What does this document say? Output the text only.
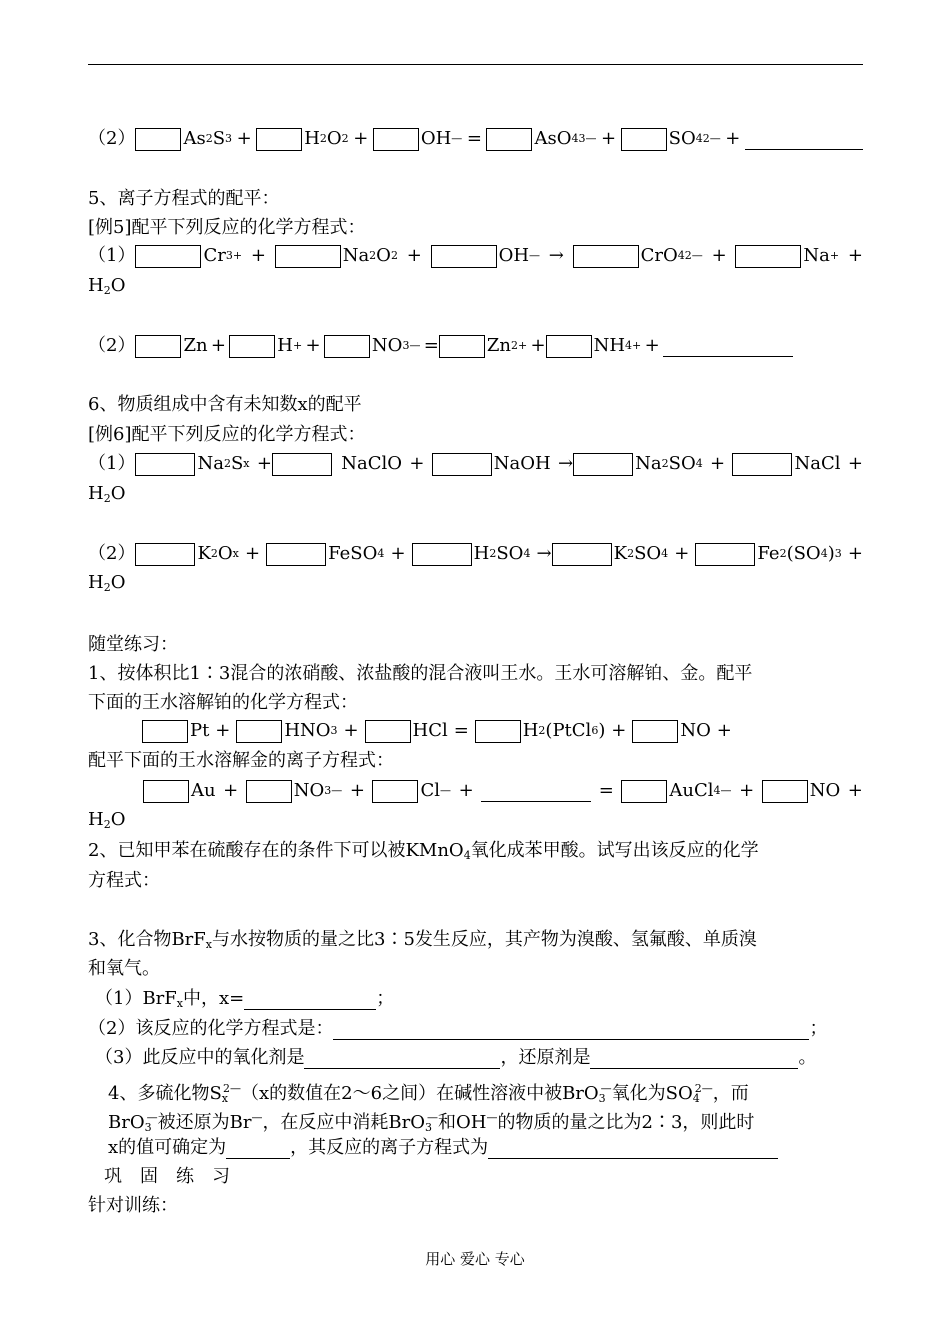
（2）	As 2 S 3 +	H 2 O 2 +	OH — =	AsO 4 3— +	SO 4 2— +
5、离子方程式的配平：
[例5]配平下列反应的化学方程式：
（1）	Cr 3+ +	Na 2 O 2 +	OH — →	CrO 4 2— +	Na + +
$H_2O$
（2）	Zn +	H + +	NO 3 — =	Zn 2+ +	NH 4 + +
6、物质组成中含有未知数x的配平
[例6]配平下列反应的化学方程式：
（1）	Na 2 S x +	NaClO +	NaOH →	Na 2 SO 4 +	NaCl +
$H_2O$
（2）	K 2 O x +	FeSO 4 +	H 2 SO 4 →	K 2 SO 4 +	Fe 2 (SO 4 ) 3 +
$H_2O$
随堂练习：
1、按体积比1∶3混合的浓硝酸、浓盐酸的混合液叫王水。王水可溶解铂、金。配平
下面的王水溶解铂的化学方程式：
Pt +	HNO 3 +	HCl =	H 2 (PtCl 6 ) +	NO +
配平下面的王水溶解金的离子方程式：
Au +	NO 3 — +	Cl — +	=	AuCl 4 — +	NO +
$H_2O$
2、已知甲苯在硫酸存在的条件下可以被KMnO$_4$氧化成苯甲酸。试写出该反应的化学
方程式：
3、化合物BrF$_x$与水按物质的量之比3∶5发生反应，其产物为溴酸、氢氟酸、单质溴
和氧气。
（1）BrF$_x$中，x=	；
（2）该反应的化学方程式是：	；
（3）此反应中的氧化剂是	，还原剂是	。
4、多硫化物$S_x^{2—}(x$的数值在2～6之间）在碱性溶液中被BrO$_3$—氧化为$SO_4^{2—}$，而
BrO$_3$—被还原为Br—，在反应中消耗BrO$_3$—和OH—的物质的量之比为2∶3，则此时
x的值可确定为	，其反应的离子方程式为
巩　固　练　习
针对训练：
用心 爱心 专心
